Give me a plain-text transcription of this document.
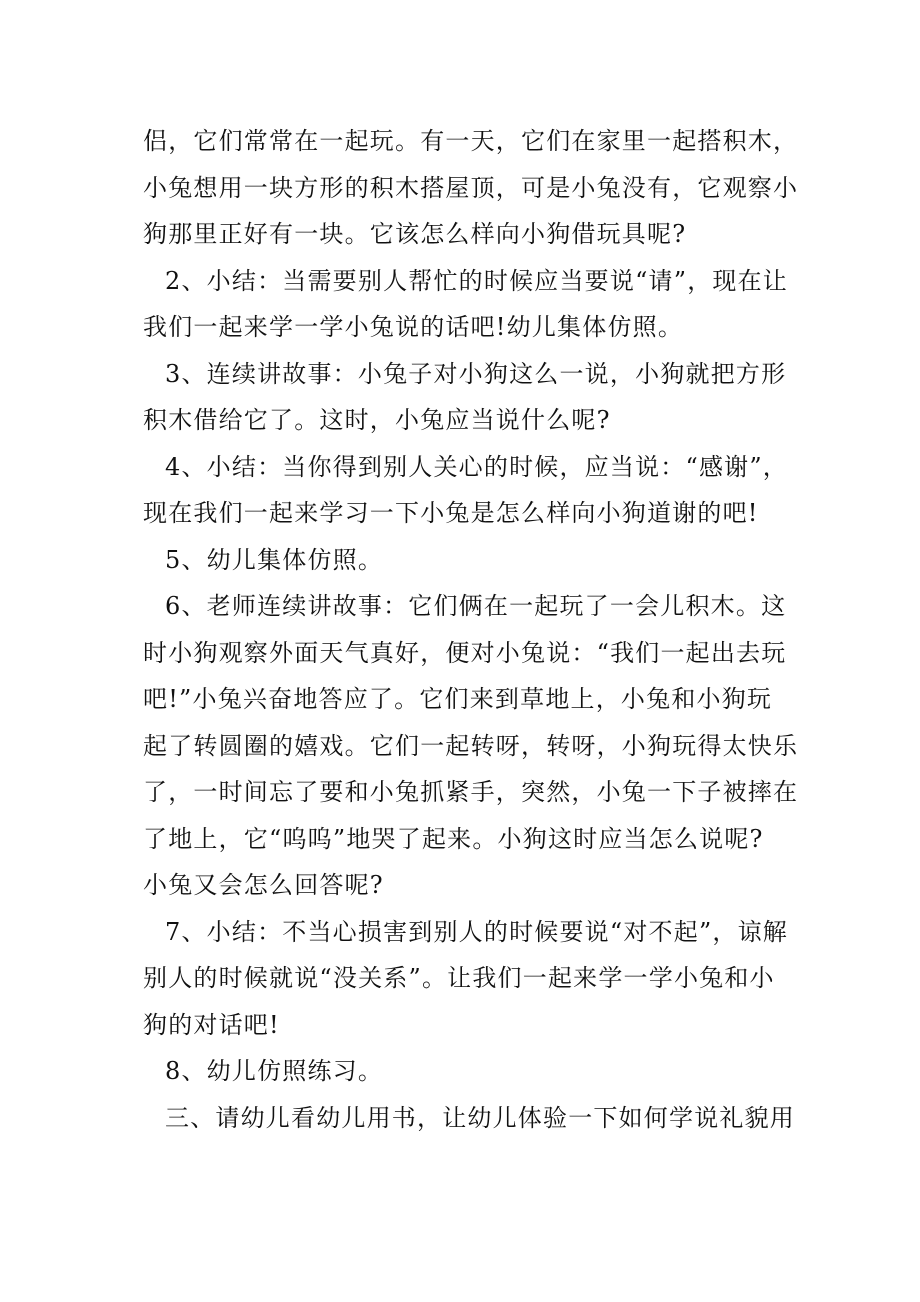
侣，它们常常在一起玩。有一天，它们在家里一起搭积木，
小兔想用一块方形的积木搭屋顶，可是小兔没有，它观察小
狗那里正好有一块。它该怎么样向小狗借玩具呢?
2、小结：当需要别人帮忙的时候应当要说“请”，现在让
我们一起来学一学小兔说的话吧!幼儿集体仿照。
3、连续讲故事：小兔子对小狗这么一说，小狗就把方形
积木借给它了。这时，小兔应当说什么呢?
4、小结：当你得到别人关心的时候，应当说：“感谢”，
现在我们一起来学习一下小兔是怎么样向小狗道谢的吧!
5、幼儿集体仿照。
6、老师连续讲故事：它们俩在一起玩了一会儿积木。这
时小狗观察外面天气真好，便对小兔说：“我们一起出去玩
吧!”小兔兴奋地答应了。它们来到草地上，小兔和小狗玩
起了转圆圈的嬉戏。它们一起转呀，转呀，小狗玩得太快乐
了，一时间忘了要和小兔抓紧手，突然，小兔一下子被摔在
了地上，它“呜呜”地哭了起来。小狗这时应当怎么说呢?
小兔又会怎么回答呢?
7、小结：不当心损害到别人的时候要说“对不起”，谅解
别人的时候就说“没关系”。让我们一起来学一学小兔和小
狗的对话吧!
8、幼儿仿照练习。
三、请幼儿看幼儿用书，让幼儿体验一下如何学说礼貌用
